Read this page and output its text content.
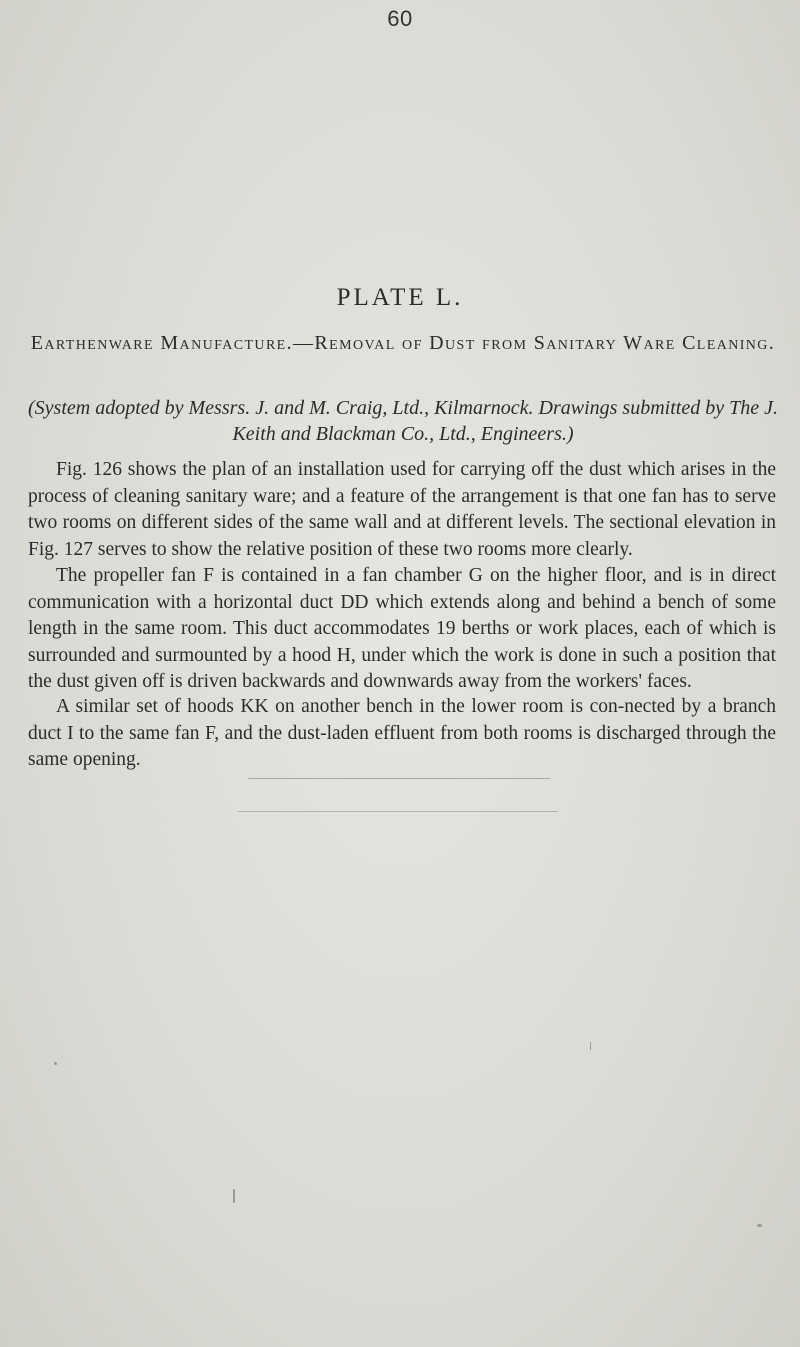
60
PLATE L.
Earthenware Manufacture.—Removal of Dust from Sanitary Ware Cleaning.
(System adopted by Messrs. J. and M. Craig, Ltd., Kilmarnock. Drawings submitted by The J. Keith and Blackman Co., Ltd., Engineers.)

Fig. 126 shows the plan of an installation used for carrying off the dust which arises in the process of cleaning sanitary ware; and a feature of the arrangement is that one fan has to serve two rooms on different sides of the same wall and at different levels. The sectional elevation in Fig. 127 serves to show the relative position of these two rooms more clearly.

The propeller fan F is contained in a fan chamber G on the higher floor, and is in direct communication with a horizontal duct DD which extends along and behind a bench of some length in the same room. This duct accommodates 19 berths or work places, each of which is surrounded and surmounted by a hood H, under which the work is done in such a position that the dust given off is driven backwards and downwards away from the workers' faces.

A similar set of hoods KK on another bench in the lower room is con-nected by a branch duct I to the same fan F, and the dust-laden effluent from both rooms is discharged through the same opening.
